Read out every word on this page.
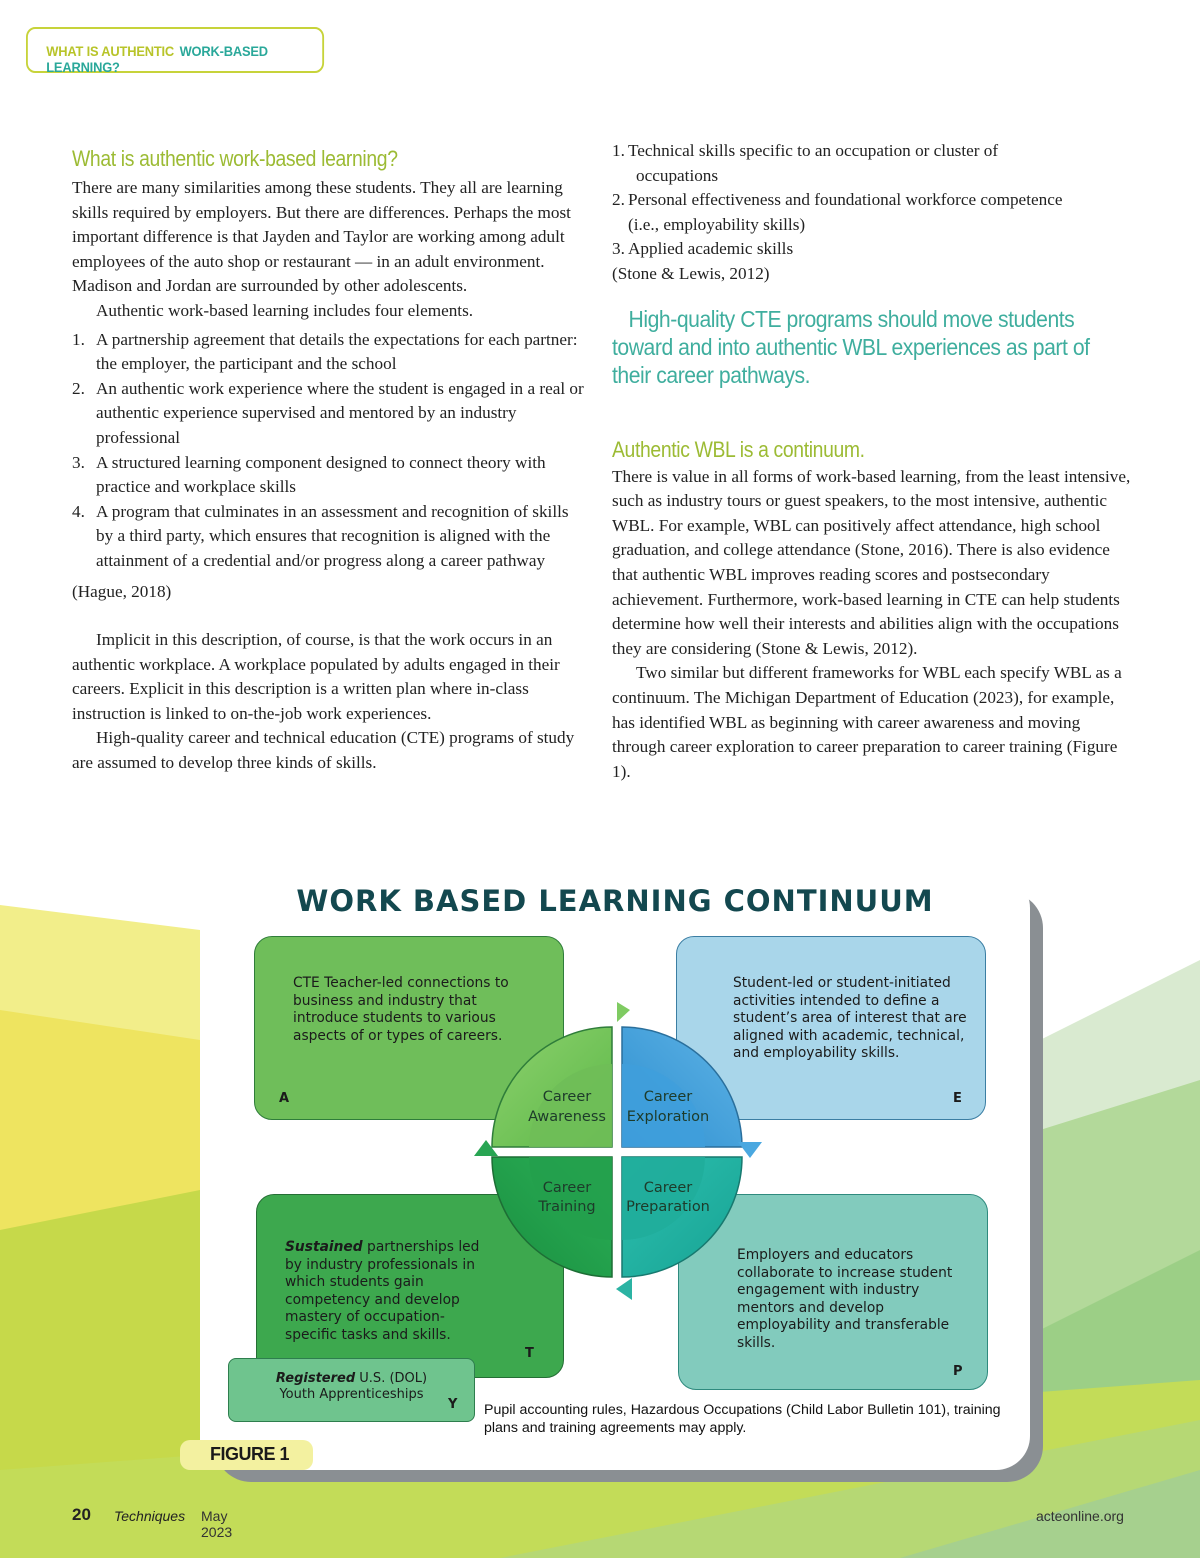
WHAT IS AUTHENTIC WORK-BASED LEARNING?
What is authentic work-based learning?

There are many similarities among these students. They all are learning skills required by employers. But there are differences. Perhaps the most important difference is that Jayden and Taylor are working among adult employees of the auto shop or restaurant — in an adult environment. Madison and Jordan are surrounded by other adolescents.

Authentic work-based learning includes four elements.

1. A partnership agreement that details the expectations for each partner: the employer, the participant and the school
2. An authentic work experience where the student is engaged in a real or authentic experience supervised and mentored by an industry professional
3. A structured learning component designed to connect theory with practice and workplace skills
4. A program that culminates in an assessment and recognition of skills by a third party, which ensures that recognition is aligned with the attainment of a credential and/or progress along a career pathway

(Hague, 2018)

Implicit in this description, of course, is that the work occurs in an authentic workplace. A workplace populated by adults engaged in their careers. Explicit in this description is a written plan where in-class instruction is linked to on-the-job work experiences.

High-quality career and technical education (CTE) programs of study are assumed to develop three kinds of skills.

1. Technical skills specific to an occupation or cluster of
occupations
2. Personal effectiveness and foundational workforce competence
(i.e., employability skills)
3. Applied academic skills

(Stone & Lewis, 2012)

High-quality CTE programs should move students toward and into authentic WBL experiences as part of their career pathways.

Authentic WBL is a continuum.

There is value in all forms of work-based learning, from the least intensive, such as industry tours or guest speakers, to the most intensive, authentic WBL. For example, WBL can positively affect attendance, high school graduation, and college attendance (Stone, 2016). There is also evidence that authentic WBL improves reading scores and postsecondary achievement. Furthermore, work-based learning in CTE can help students determine how well their interests and abilities align with the occupations they are considering (Stone & Lewis, 2012).

Two similar but different frameworks for WBL each specify WBL as a continuum. The Michigan Department of Education (2023), for example, has identified WBL as beginning with career awareness and moving through career exploration to career preparation to career training (Figure 1).

WORK BASED LEARNING CONTINUUM
CTE Teacher-led connections to business and industry that introduce students to various aspects of or types of careers.
A
Student-led or student-initiated activities intended to define a student’s area of interest that are aligned with academic, technical, and employability skills.
E
Sustained partnerships led by industry professionals in which students gain competency and develop mastery of occupation-specific tasks and skills.
T
Employers and educators collaborate to increase student engagement with industry mentors and develop employability and transferable skills.
P
Registered U.S. (DOL)
Youth Apprenticeships
Y
Career Awareness
Career Exploration
Career Training
Career Preparation
Pupil accounting rules, Hazardous Occupations (Child Labor Bulletin 101), training plans and training agreements may apply.
FIGURE 1
20 Techniques May 2023
acteonline.org
